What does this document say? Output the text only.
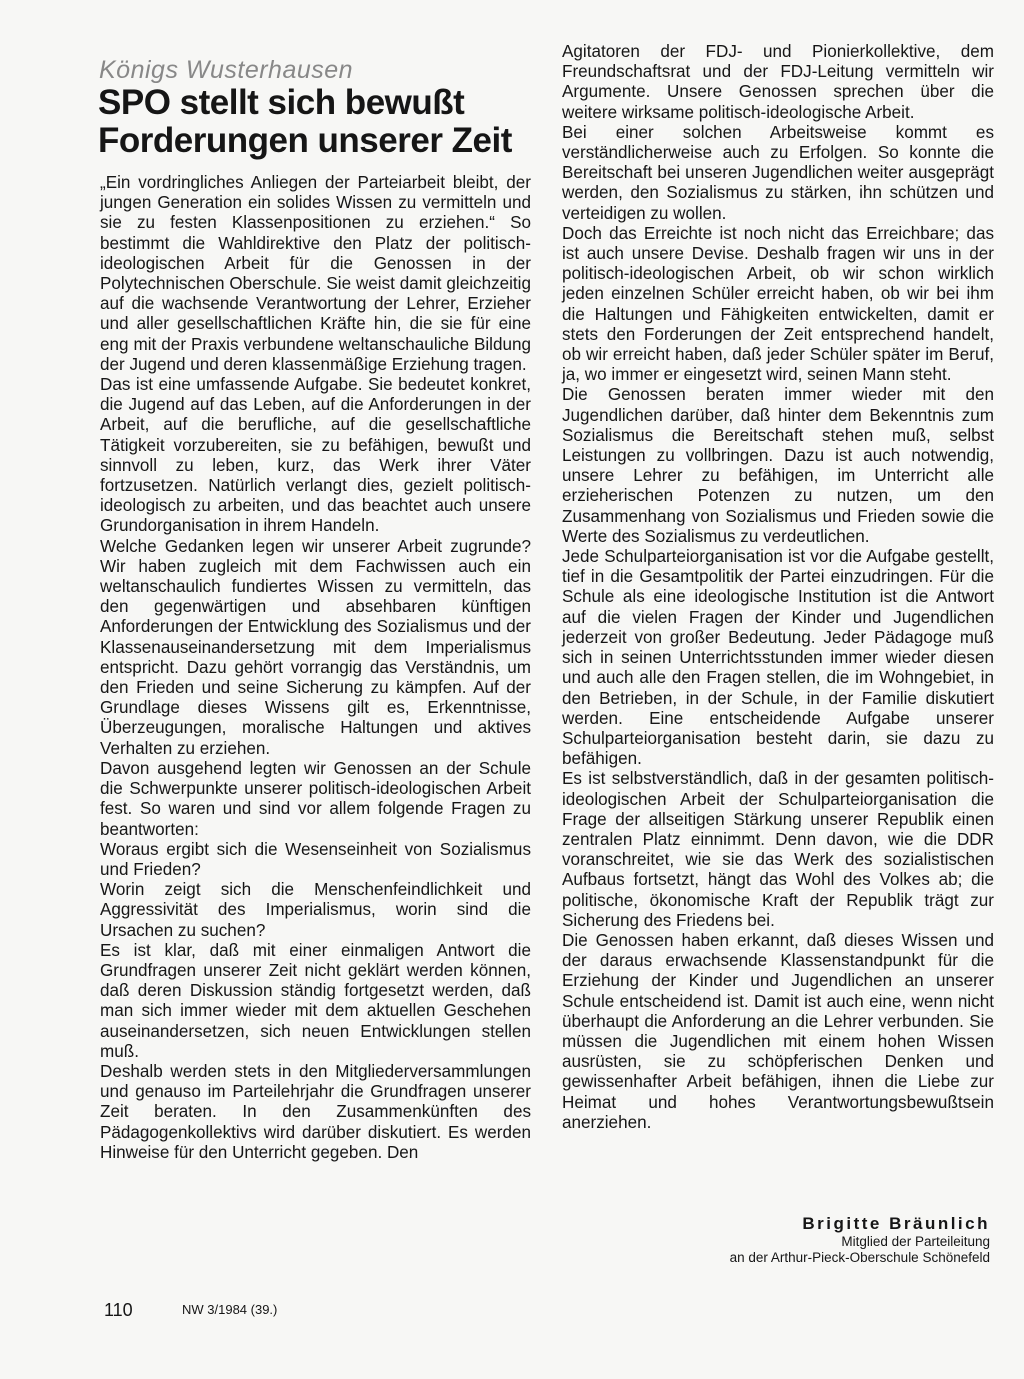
Königs Wusterhausen
SPO stellt sich bewußt
Forderungen unserer Zeit

„Ein vordringliches Anliegen der Parteiarbeit bleibt, der jungen Generation ein solides Wissen zu vermitteln und sie zu festen Klassenpositionen zu erziehen.“ So bestimmt die Wahldirektive den Platz der politisch-ideologischen Arbeit für die Genossen in der Polytechnischen Oberschule. Sie weist damit gleichzeitig auf die wachsende Verantwortung der Lehrer, Erzieher und aller gesellschaftlichen Kräfte hin, die sie für eine eng mit der Praxis verbundene weltanschauliche Bildung der Jugend und deren klassenmäßige Erziehung tragen.

Das ist eine umfassende Aufgabe. Sie bedeutet konkret, die Jugend auf das Leben, auf die Anforderungen in der Arbeit, auf die berufliche, auf die gesellschaftliche Tätigkeit vorzubereiten, sie zu befähigen, bewußt und sinnvoll zu leben, kurz, das Werk ihrer Väter fortzusetzen. Natürlich verlangt dies, gezielt politisch-ideologisch zu arbeiten, und das beachtet auch unsere Grundorganisation in ihrem Handeln.

Welche Gedanken legen wir unserer Arbeit zugrunde? Wir haben zugleich mit dem Fachwissen auch ein weltanschaulich fundiertes Wissen zu vermitteln, das den gegenwärtigen und absehbaren künftigen Anforderungen der Entwicklung des Sozialismus und der Klassenauseinandersetzung mit dem Imperialismus entspricht. Dazu gehört vorrangig das Verständnis, um den Frieden und seine Sicherung zu kämpfen. Auf der Grundlage dieses Wissens gilt es, Erkenntnisse, Überzeugungen, moralische Haltungen und aktives Verhalten zu erziehen.

Davon ausgehend legten wir Genossen an der Schule die Schwerpunkte unserer politisch-ideologischen Arbeit fest. So waren und sind vor allem folgende Fragen zu beantworten:

Woraus ergibt sich die Wesenseinheit von Sozialismus und Frieden?

Worin zeigt sich die Menschenfeindlichkeit und Aggressivität des Imperialismus, worin sind die Ursachen zu suchen?

Es ist klar, daß mit einer einmaligen Antwort die Grundfragen unserer Zeit nicht geklärt werden können, daß deren Diskussion ständig fortgesetzt werden, daß man sich immer wieder mit dem aktuellen Geschehen auseinandersetzen, sich neuen Entwicklungen stellen muß.

Deshalb werden stets in den Mitgliederversammlungen und genauso im Parteilehrjahr die Grundfragen unserer Zeit beraten. In den Zusammenkünften des Pädagogenkollektivs wird darüber diskutiert. Es werden Hinweise für den Unterricht gegeben. Den

Agitatoren der FDJ- und Pionierkollektive, dem Freundschaftsrat und der FDJ-Leitung vermitteln wir Argumente. Unsere Genossen sprechen über die weitere wirksame politisch-ideologische Arbeit.

Bei einer solchen Arbeitsweise kommt es verständlicherweise auch zu Erfolgen. So konnte die Bereitschaft bei unseren Jugendlichen weiter ausgeprägt werden, den Sozialismus zu stärken, ihn schützen und verteidigen zu wollen.

Doch das Erreichte ist noch nicht das Erreichbare; das ist auch unsere Devise. Deshalb fragen wir uns in der politisch-ideologischen Arbeit, ob wir schon wirklich jeden einzelnen Schüler erreicht haben, ob wir bei ihm die Haltungen und Fähigkeiten entwickelten, damit er stets den Forderungen der Zeit entsprechend handelt, ob wir erreicht haben, daß jeder Schüler später im Beruf, ja, wo immer er eingesetzt wird, seinen Mann steht.

Die Genossen beraten immer wieder mit den Jugendlichen darüber, daß hinter dem Bekenntnis zum Sozialismus die Bereitschaft stehen muß, selbst Leistungen zu vollbringen. Dazu ist auch notwendig, unsere Lehrer zu befähigen, im Unterricht alle erzieherischen Potenzen zu nutzen, um den Zusammenhang von Sozialismus und Frieden sowie die Werte des Sozialismus zu verdeutlichen.

Jede Schulparteiorganisation ist vor die Aufgabe gestellt, tief in die Gesamtpolitik der Partei einzudringen. Für die Schule als eine ideologische Institution ist die Antwort auf die vielen Fragen der Kinder und Jugendlichen jederzeit von großer Bedeutung. Jeder Pädagoge muß sich in seinen Unterrichtsstunden immer wieder diesen und auch alle den Fragen stellen, die im Wohngebiet, in den Betrieben, in der Schule, in der Familie diskutiert werden. Eine entscheidende Aufgabe unserer Schulparteiorganisation besteht darin, sie dazu zu befähigen.

Es ist selbstverständlich, daß in der gesamten politisch-ideologischen Arbeit der Schulparteiorganisation die Frage der allseitigen Stärkung unserer Republik einen zentralen Platz einnimmt. Denn davon, wie die DDR voranschreitet, wie sie das Werk des sozialistischen Aufbaus fortsetzt, hängt das Wohl des Volkes ab; die politische, ökonomische Kraft der Republik trägt zur Sicherung des Friedens bei.

Die Genossen haben erkannt, daß dieses Wissen und der daraus erwachsende Klassenstandpunkt für die Erziehung der Kinder und Jugendlichen an unserer Schule entscheidend ist. Damit ist auch eine, wenn nicht überhaupt die Anforderung an die Lehrer verbunden. Sie müssen die Jugendlichen mit einem hohen Wissen ausrüsten, sie zu schöpferischen Denken und gewissenhafter Arbeit befähigen, ihnen die Liebe zur Heimat und hohes Verantwortungsbewußtsein anerziehen.

Brigitte Bräunlich
Mitglied der Parteileitung
an der Arthur-Pieck-Oberschule Schönefeld
110	NW 3/1984 (39.)
